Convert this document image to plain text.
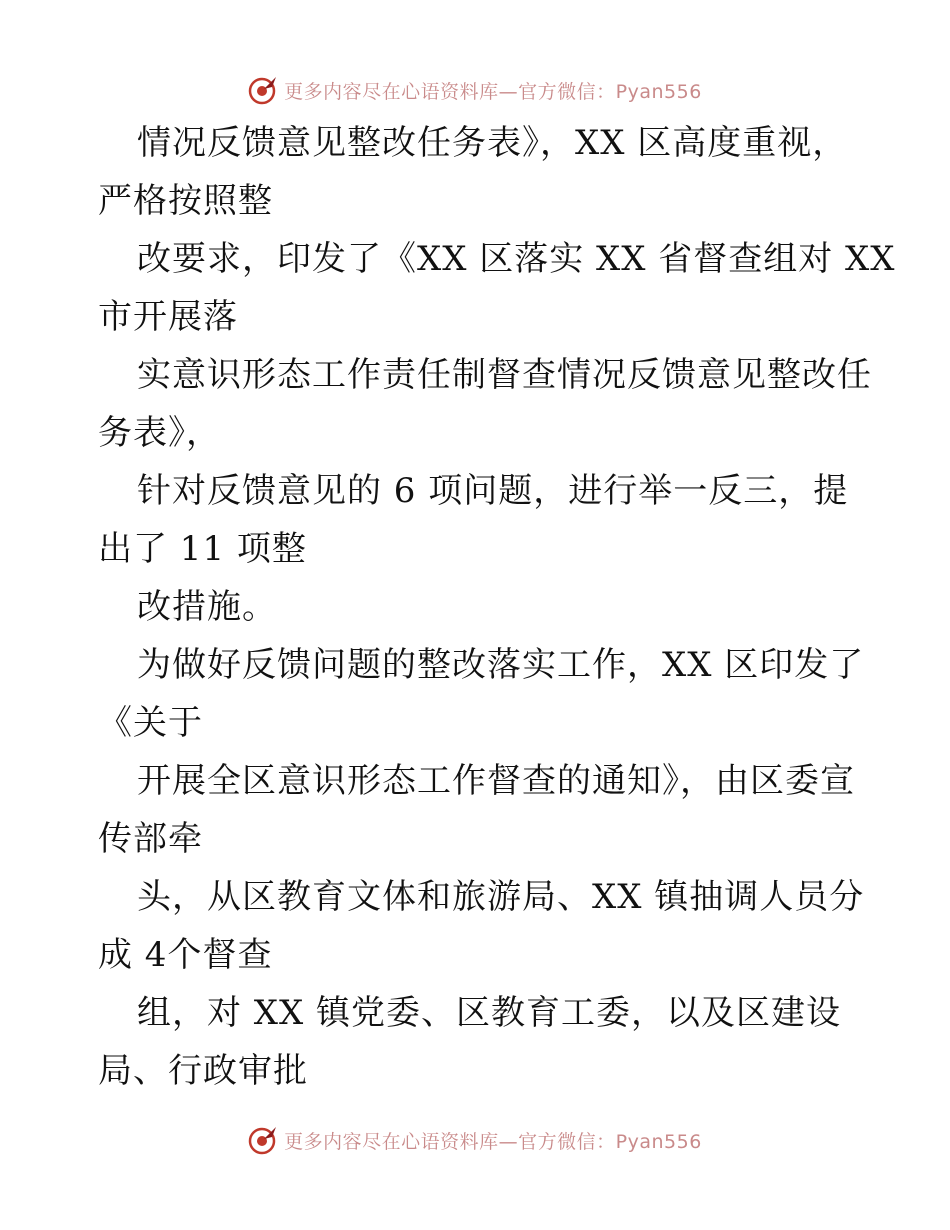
更多内容尽在心语资料库—官方微信：Pyan556
情况反馈意见整改任务表》，XX 区高度重视，
严格按照整
改要求，印发了《XX 区落实 XX 省督查组对 XX
市开展落
实意识形态工作责任制督查情况反馈意见整改任
务表》，
针对反馈意见的 6 项问题，进行举一反三，提
出了 11 项整
改措施。
为做好反馈问题的整改落实工作，XX 区印发了
《关于
开展全区意识形态工作督查的通知》，由区委宣
传部牵
头，从区教育文体和旅游局、XX 镇抽调人员分
成 4个督查
组，对 XX 镇党委、区教育工委，以及区建设
局、行政审批
更多内容尽在心语资料库—官方微信：Pyan556
